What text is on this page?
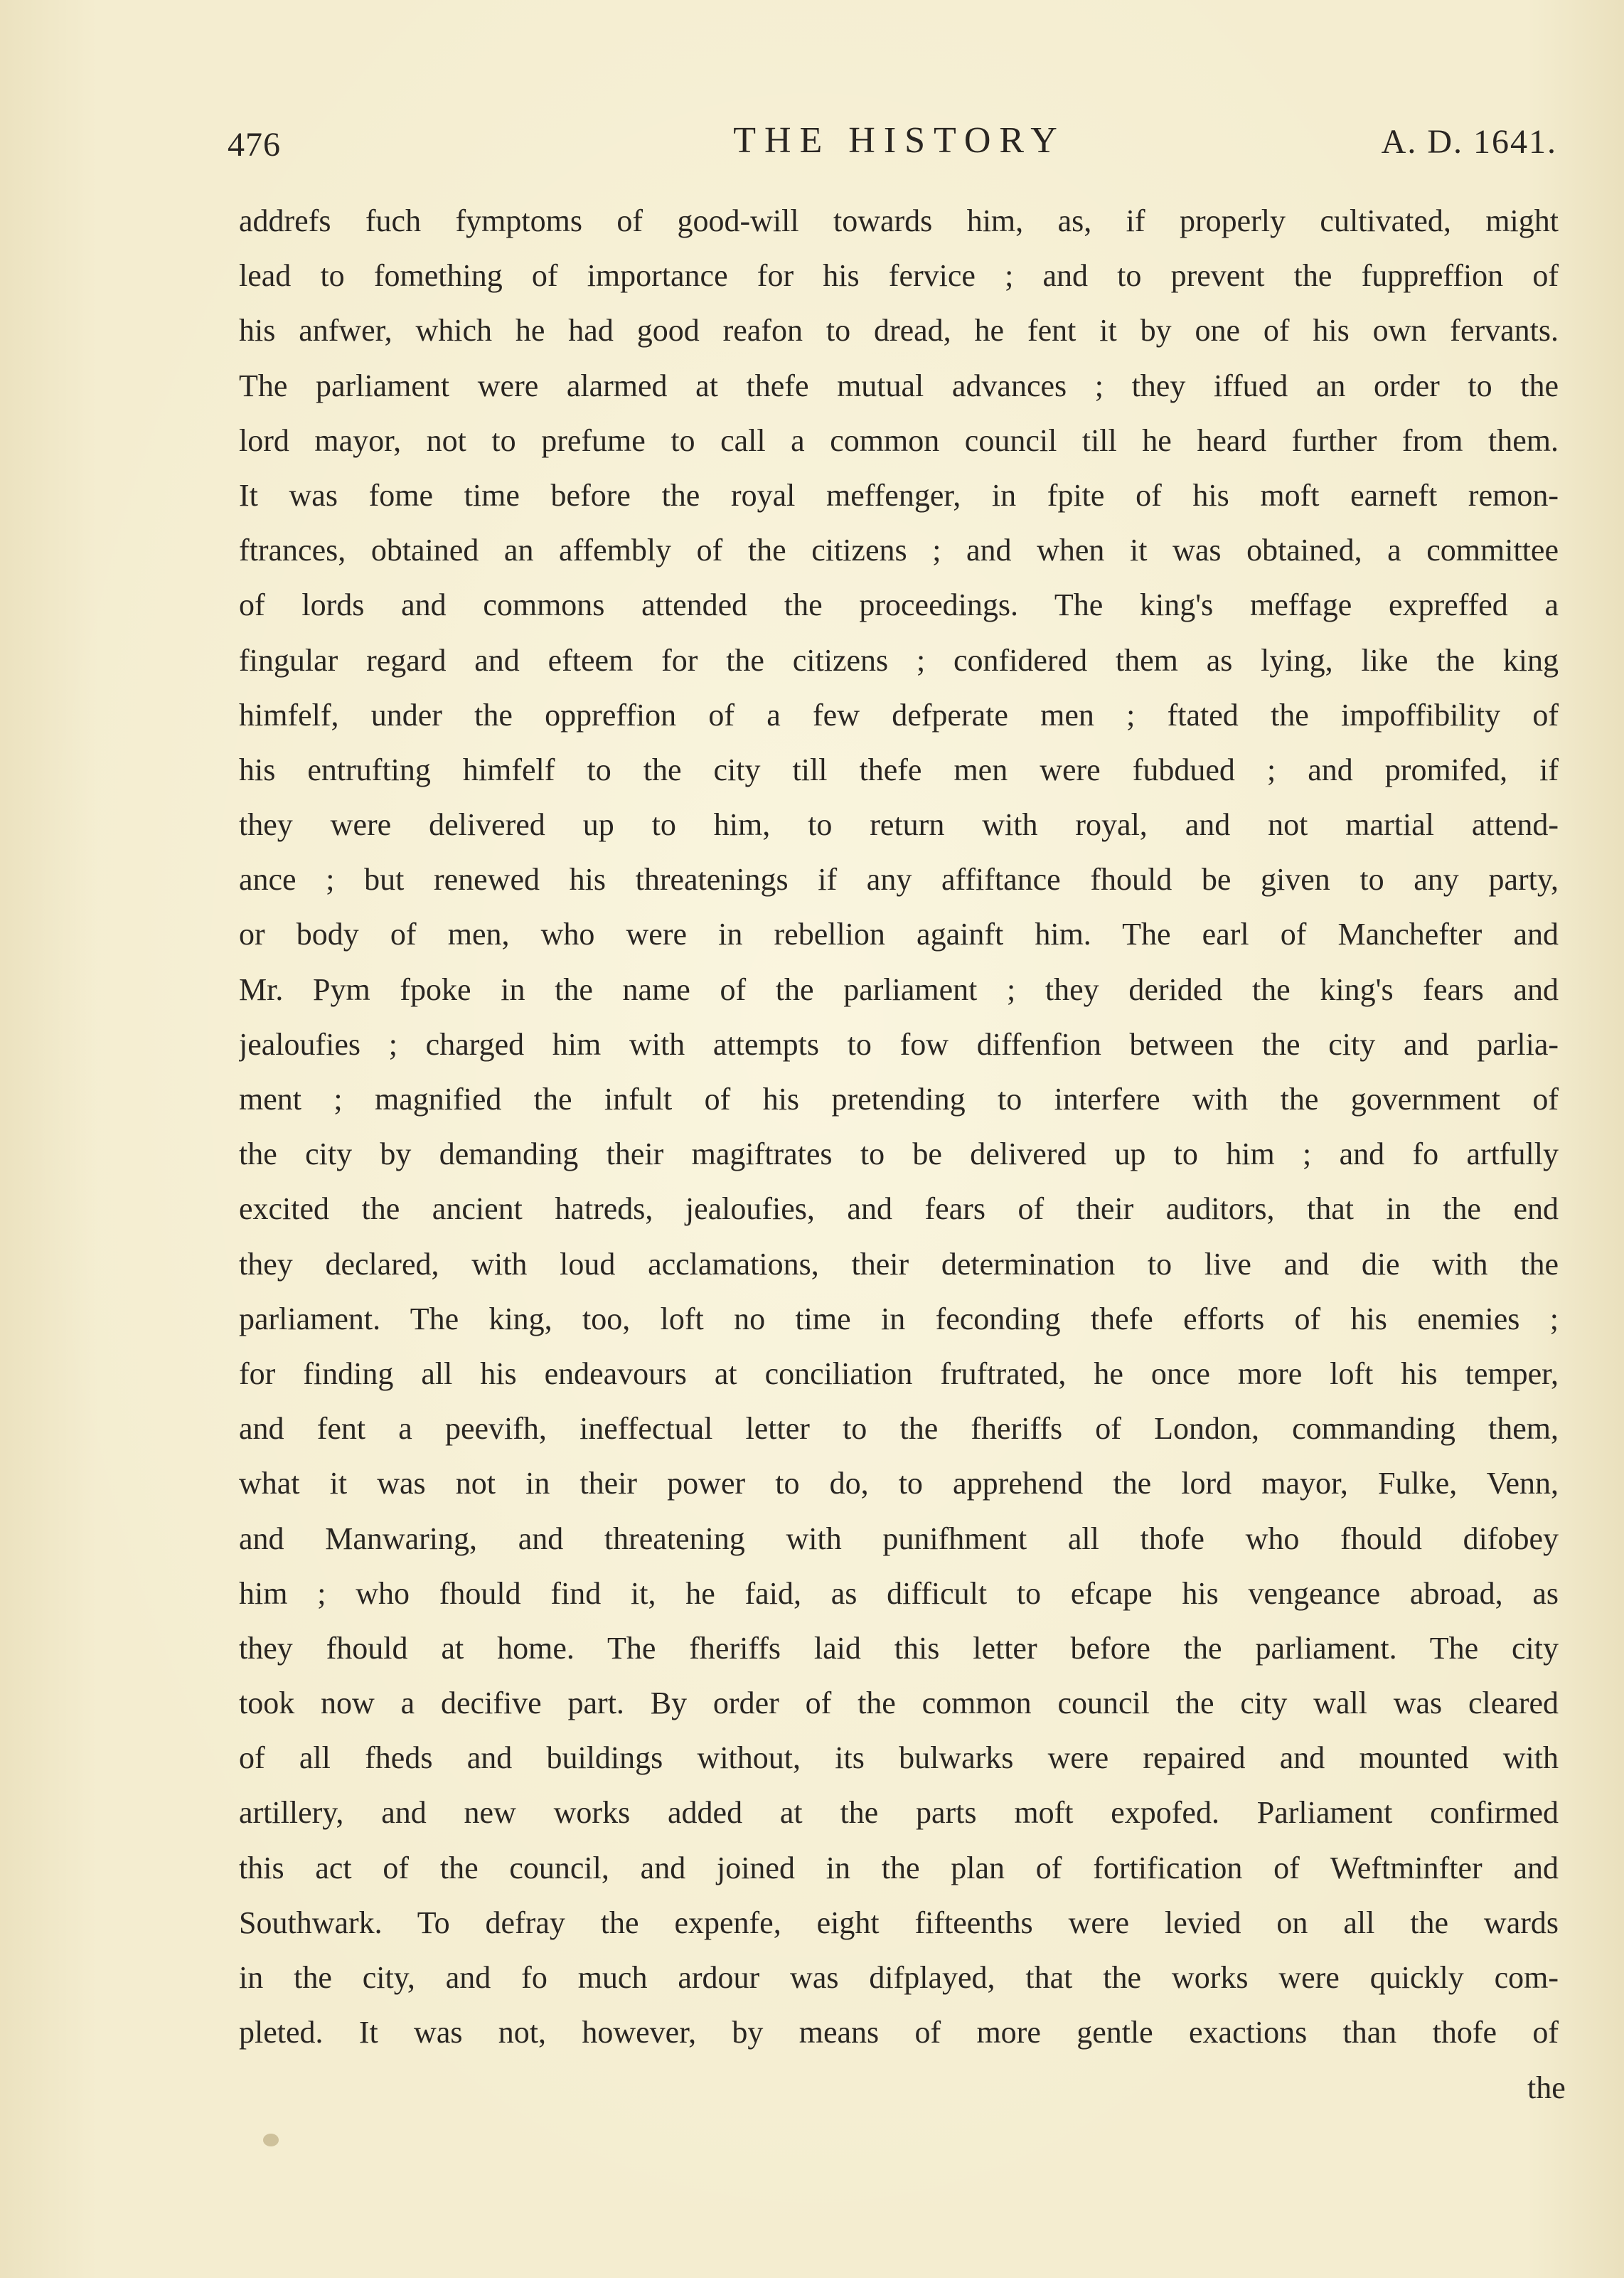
476	THE HISTORY	A. D. 1641.
addrefs fuch fymptoms of good-will towards him, as, if properly cultivated, might
lead to fomething of importance for his fervice ; and to prevent the fuppreffion of
his anfwer, which he had good reafon to dread, he fent it by one of his own fervants.
The parliament were alarmed at thefe mutual advances ; they iffued an order to the
lord mayor, not to prefume to call a common council till he heard further from them.
It was fome time before the royal meffenger, in fpite of his moft earneft remon-
ftrances, obtained an affembly of the citizens ; and when it was obtained, a committee
of lords and commons attended the proceedings. The king's meffage expreffed a
fingular regard and efteem for the citizens ; confidered them as lying, like the king
himfelf, under the oppreffion of a few defperate men ; ftated the impoffibility of
his entrufting himfelf to the city till thefe men were fubdued ; and promifed, if
they were delivered up to him, to return with royal, and not martial attend-
ance ; but renewed his threatenings if any affiftance fhould be given to any party,
or body of men, who were in rebellion againft him. The earl of Manchefter and
Mr. Pym fpoke in the name of the parliament ; they derided the king's fears and
jealoufies ; charged him with attempts to fow diffenfion between the city and parlia-
ment ; magnified the infult of his pretending to interfere with the government of
the city by demanding their magiftrates to be delivered up to him ; and fo artfully
excited the ancient hatreds, jealoufies, and fears of their auditors, that in the end
they declared, with loud acclamations, their determination to live and die with the
parliament. The king, too, loft no time in feconding thefe efforts of his enemies ;
for finding all his endeavours at conciliation fruftrated, he once more loft his temper,
and fent a peevifh, ineffectual letter to the fheriffs of London, commanding them,
what it was not in their power to do, to apprehend the lord mayor, Fulke, Venn,
and Manwaring, and threatening with punifhment all thofe who fhould difobey
him ; who fhould find it, he faid, as difficult to efcape his vengeance abroad, as
they fhould at home. The fheriffs laid this letter before the parliament. The city
took now a decifive part. By order of the common council the city wall was cleared
of all fheds and buildings without, its bulwarks were repaired and mounted with
artillery, and new works added at the parts moft expofed. Parliament confirmed
this act of the council, and joined in the plan of fortification of Weftminfter and
Southwark. To defray the expenfe, eight fifteenths were levied on all the wards
in the city, and fo much ardour was difplayed, that the works were quickly com-
pleted. It was not, however, by means of more gentle exactions than thofe of
the
